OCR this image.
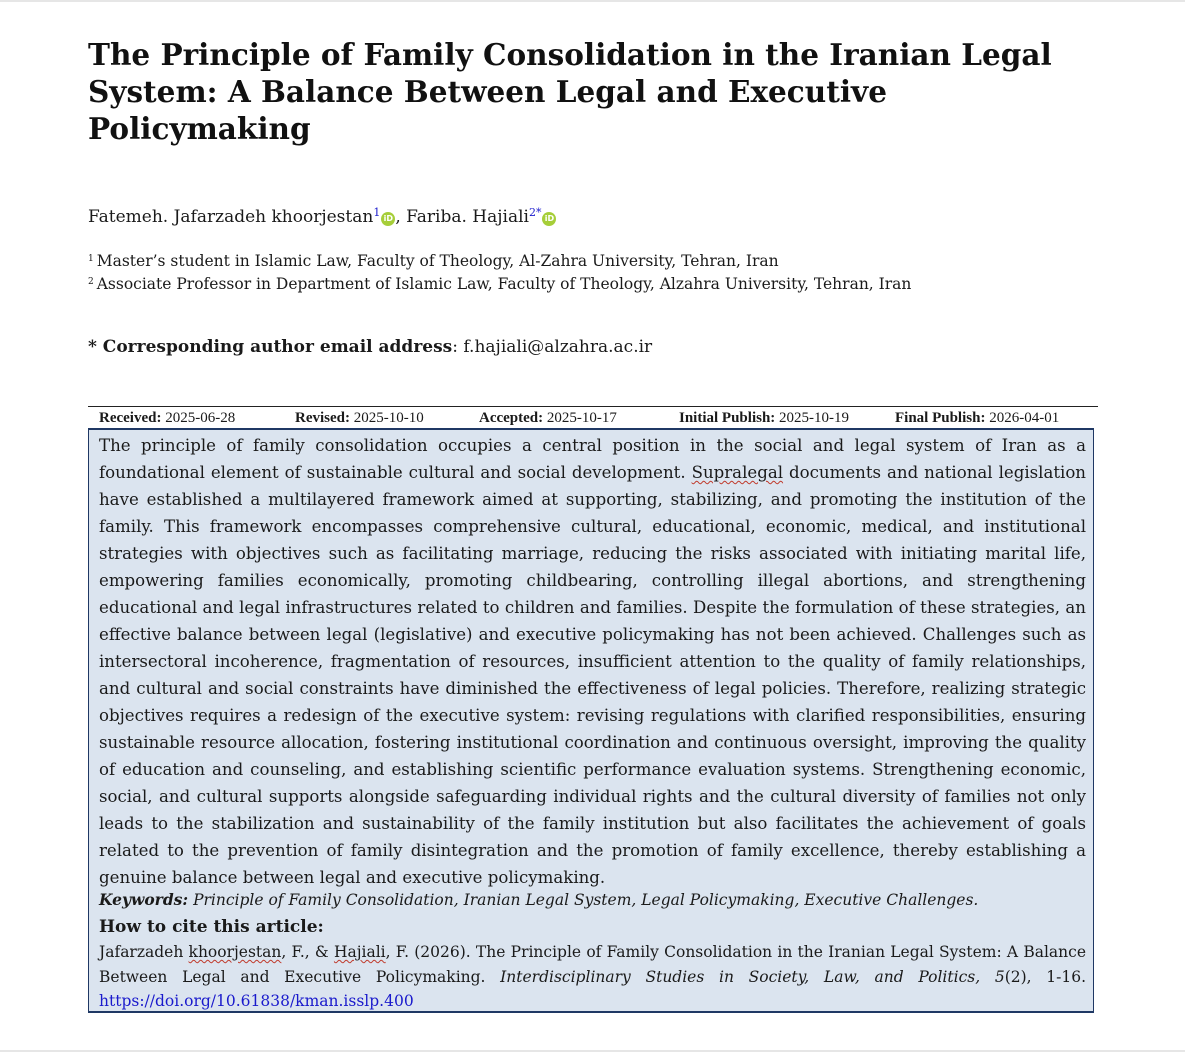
The Principle of Family Consolidation in the Iranian Legal System: A Balance Between Legal and Executive Policymaking
Fatemeh. Jafarzadeh khoorjestan$^1$ iD , Fariba. Hajiali$^{2*}$ iD
$^1$ Master’s student in Islamic Law, Faculty of Theology, Al-Zahra University, Tehran, Iran
$^2$ Associate Professor in Department of Islamic Law, Faculty of Theology, Alzahra University, Tehran, Iran
* Corresponding author email address: f.hajiali@alzahra.ac.ir
Received: 2025-06-28	Revised: 2025-10-10	Accepted: 2025-10-17	Initial Publish: 2025-10-19	Final Publish: 2026-04-01

The principle of family consolidation occupies a central position in the social and legal system of Iran as a foundational element of sustainable cultural and social development. Supralegal documents and national legislation have established a multilayered framework aimed at supporting, stabilizing, and promoting the institution of the family. This framework encompasses comprehensive cultural, educational, economic, medical, and institutional strategies with objectives such as facilitating marriage, reducing the risks associated with initiating marital life, empowering families economically, promoting childbearing, controlling illegal abortions, and strengthening educational and legal infrastructures related to children and families. Despite the formulation of these strategies, an effective balance between legal (legislative) and executive policymaking has not been achieved. Challenges such as intersectoral incoherence, fragmentation of resources, insufficient attention to the quality of family relationships, and cultural and social constraints have diminished the effectiveness of legal policies. Therefore, realizing strategic objectives requires a redesign of the executive system: revising regulations with clarified responsibilities, ensuring sustainable resource allocation, fostering institutional coordination and continuous oversight, improving the quality of education and counseling, and establishing scientific performance evaluation systems. Strengthening economic, social, and cultural supports alongside safeguarding individual rights and the cultural diversity of families not only leads to the stabilization and sustainability of the family institution but also facilitates the achievement of goals related to the prevention of family disintegration and the promotion of family excellence, thereby establishing a genuine balance between legal and executive policymaking.

Keywords: Principle of Family Consolidation, Iranian Legal System, Legal Policymaking, Executive Challenges.

How to cite this article:

Jafarzadeh khoorjestan, F., & Hajiali, F. (2026). The Principle of Family Consolidation in the Iranian Legal System: A Balance Between Legal and Executive Policymaking. Interdisciplinary Studies in Society, Law, and Politics, 5(2), 1-16. https://doi.org/10.61838/kman.isslp.400
